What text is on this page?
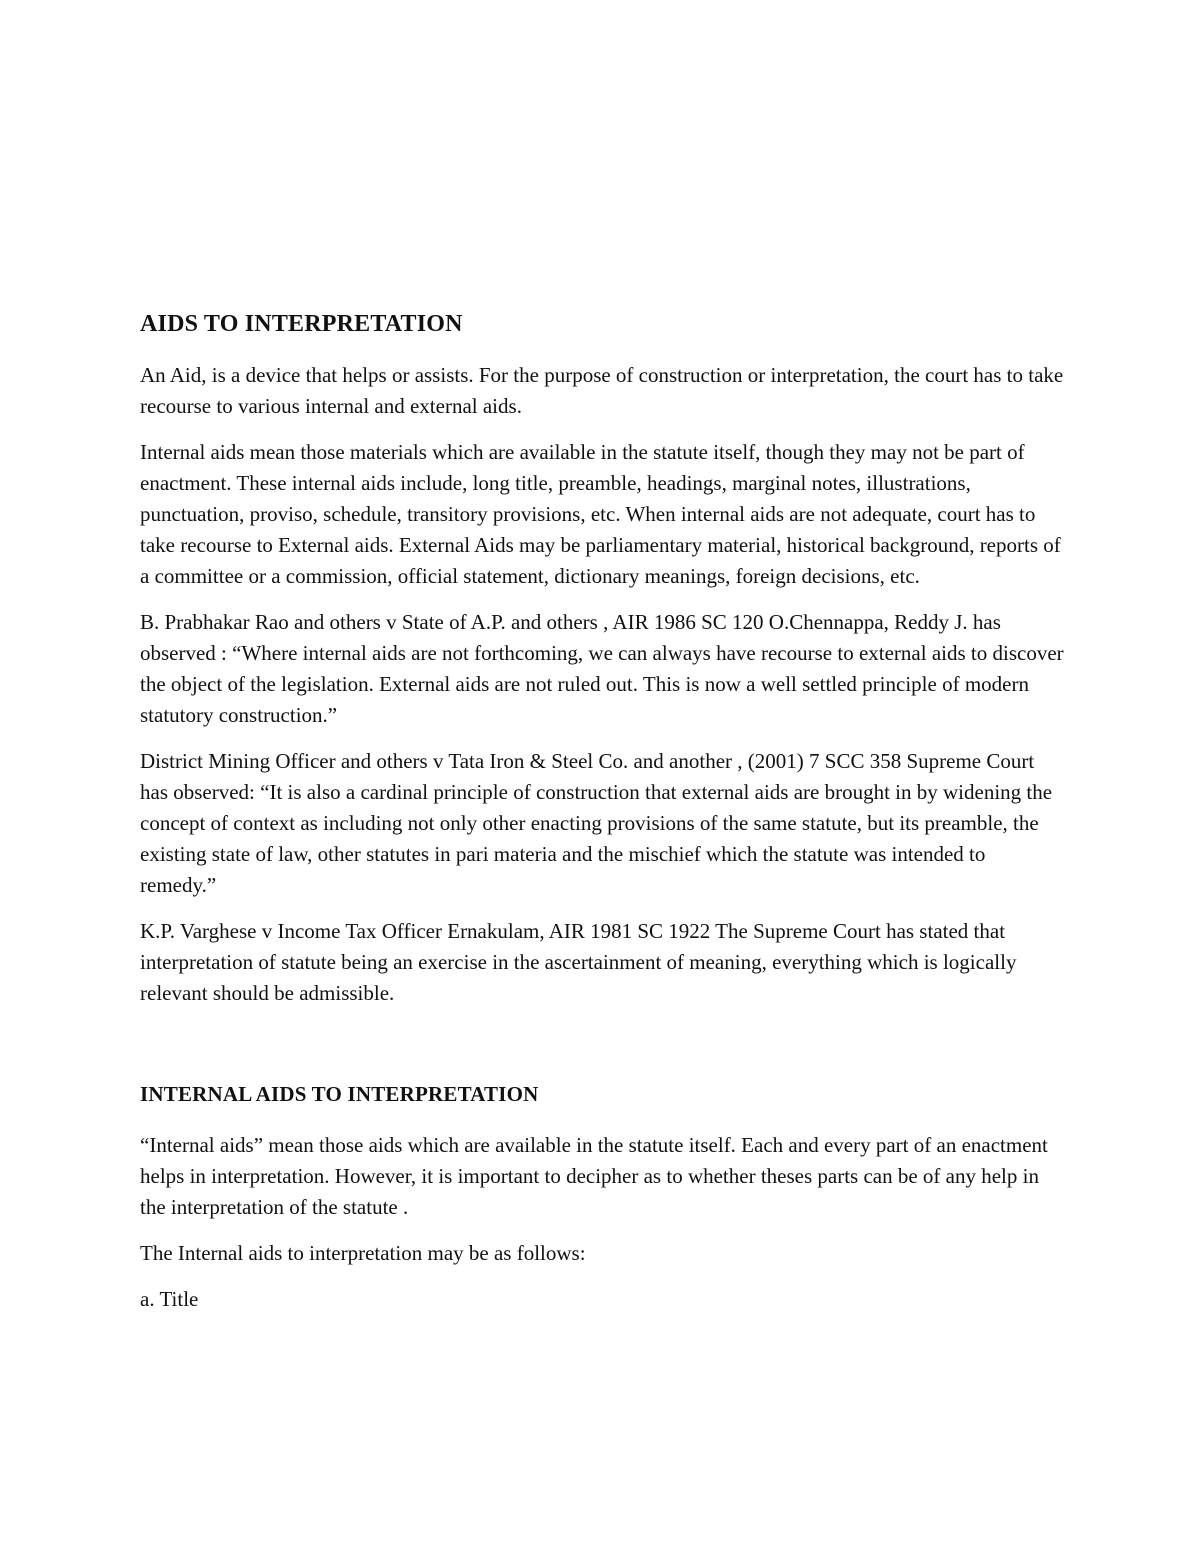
AIDS TO INTERPRETATION

An Aid, is a device that helps or assists. For the purpose of construction or interpretation, the court has to take recourse to various internal and external aids.

Internal aids mean those materials which are available in the statute itself, though they may not be part of enactment. These internal aids include, long title, preamble, headings, marginal notes, illustrations, punctuation, proviso, schedule, transitory provisions, etc. When internal aids are not adequate, court has to take recourse to External aids. External Aids may be parliamentary material, historical background, reports of a committee or a commission, official statement, dictionary meanings, foreign decisions, etc.

B. Prabhakar Rao and others v State of A.P. and others , AIR 1986 SC 120 O.Chennappa, Reddy J. has observed : “Where internal aids are not forthcoming, we can always have recourse to external aids to discover the object of the legislation. External aids are not ruled out. This is now a well settled principle of modern statutory construction.”

District Mining Officer and others v Tata Iron & Steel Co. and another , (2001) 7 SCC 358 Supreme Court has observed: “It is also a cardinal principle of construction that external aids are brought in by widening the concept of context as including not only other enacting provisions of the same statute, but its preamble, the existing state of law, other statutes in pari materia and the mischief which the statute was intended to remedy.”

K.P. Varghese v Income Tax Officer Ernakulam, AIR 1981 SC 1922 The Supreme Court has stated that interpretation of statute being an exercise in the ascertainment of meaning, everything which is logically relevant should be admissible.

INTERNAL AIDS TO INTERPRETATION

“Internal aids” mean those aids which are available in the statute itself. Each and every part of an enactment helps in interpretation. However, it is important to decipher as to whether theses parts can be of any help in the interpretation of the statute .

The Internal aids to interpretation may be as follows:

a. Title
